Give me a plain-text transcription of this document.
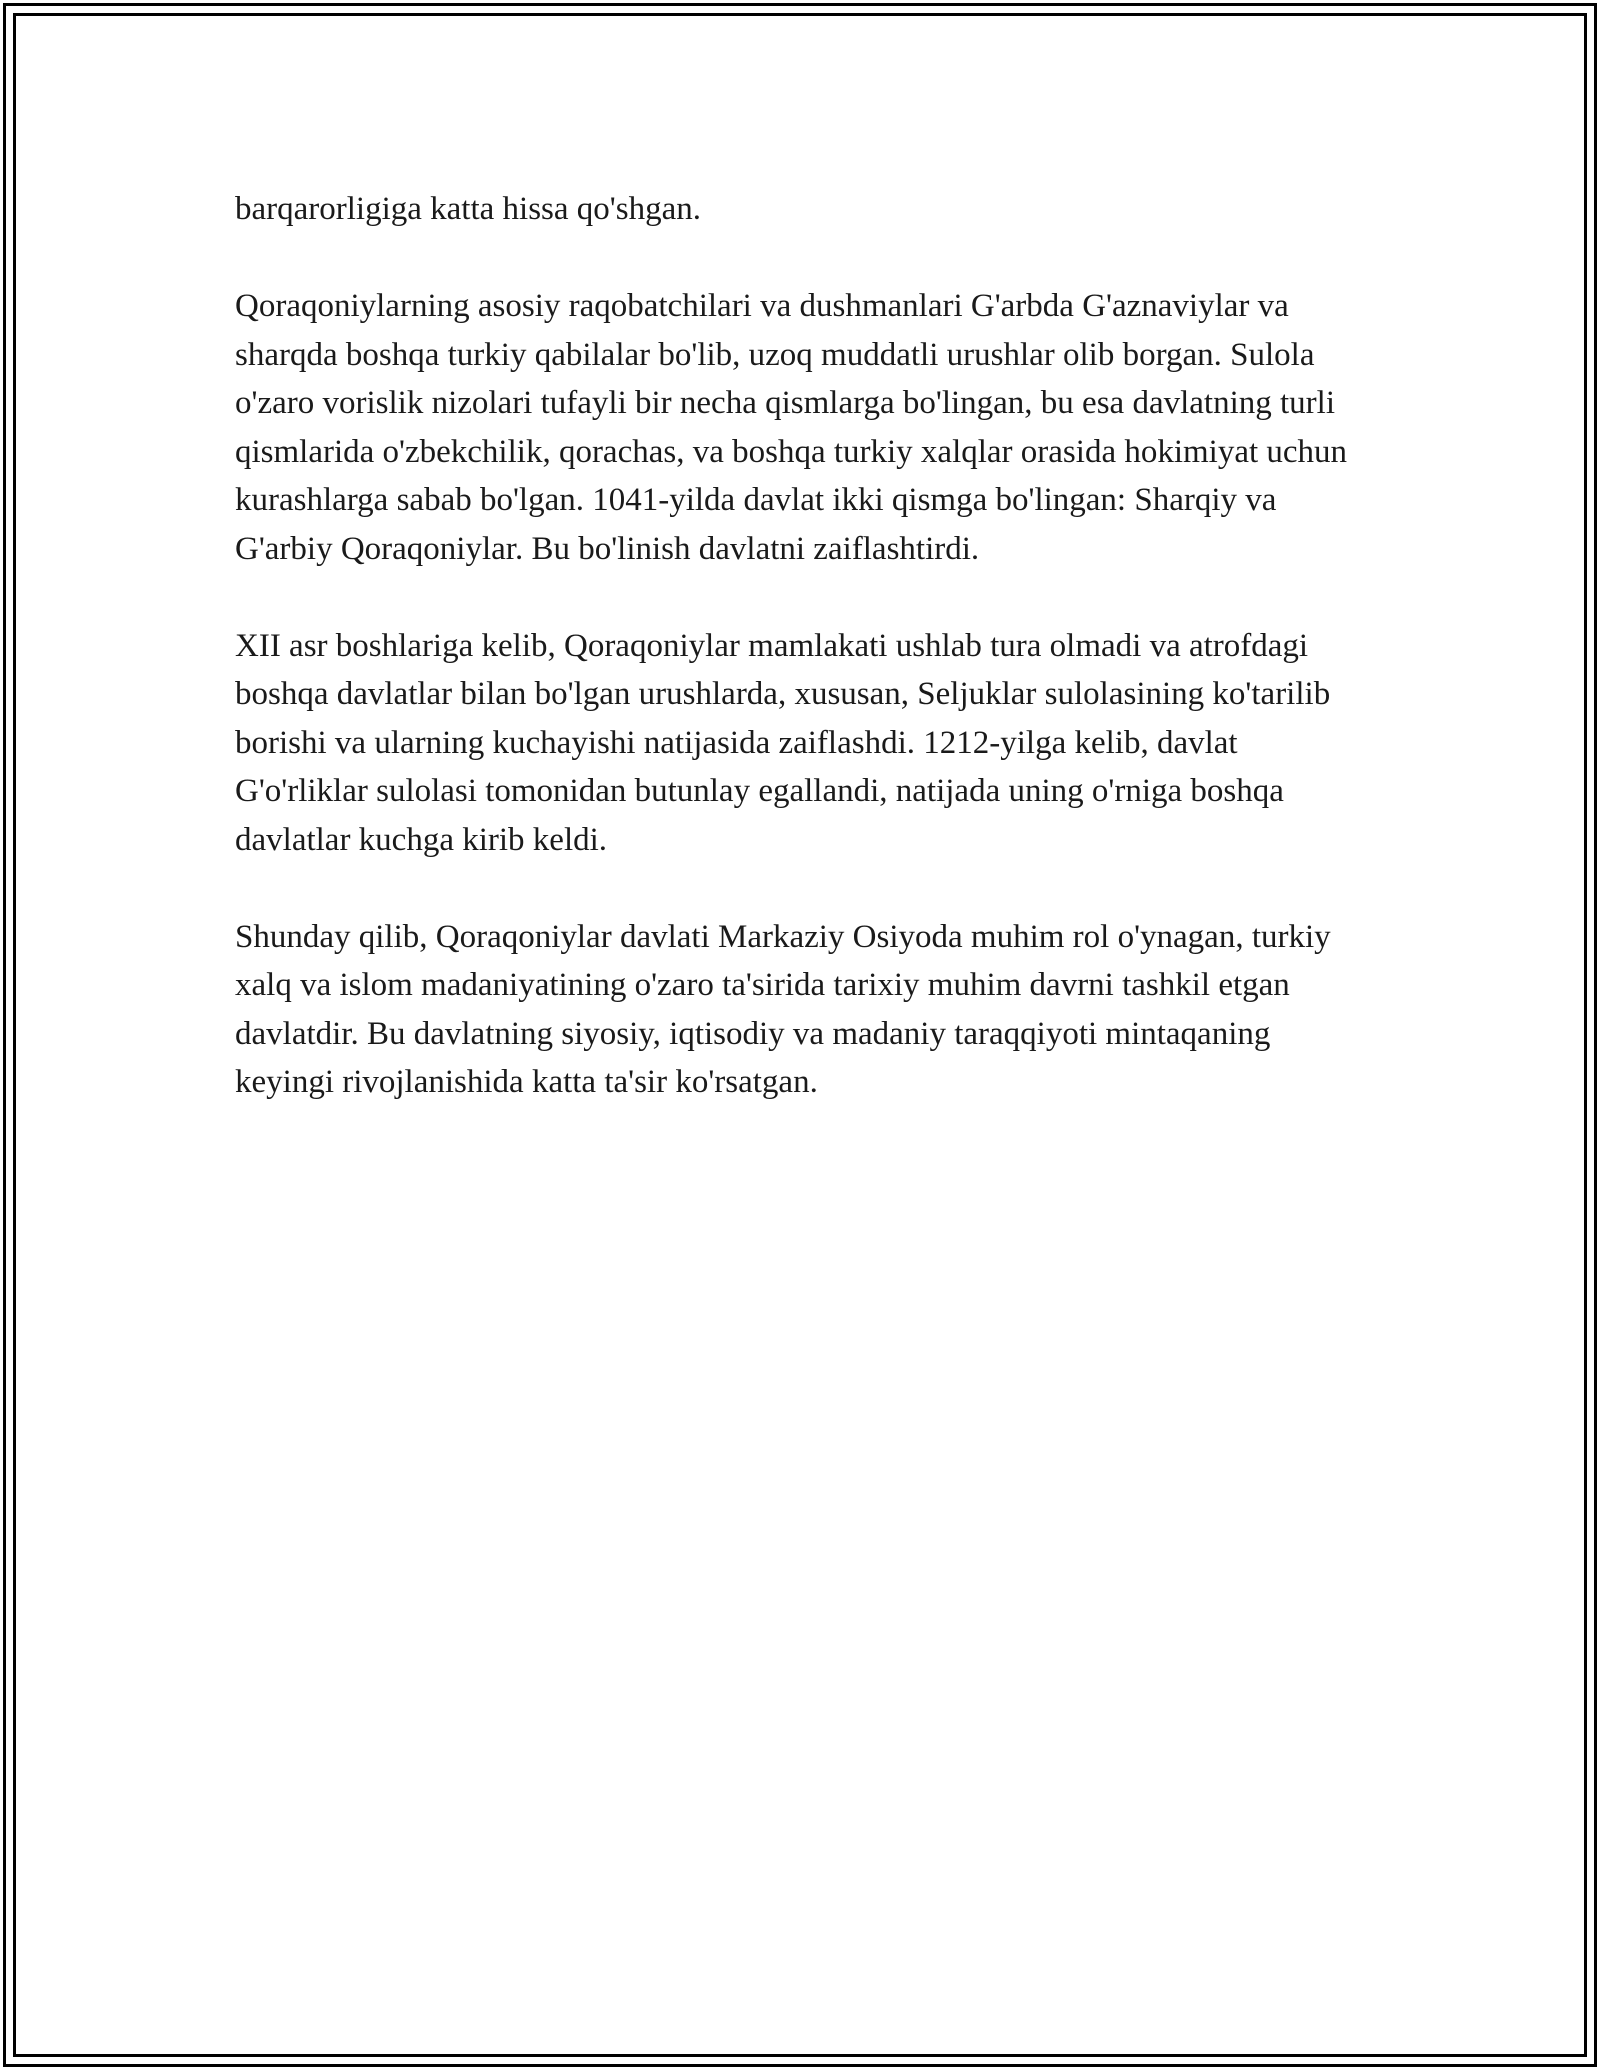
barqarorligiga katta hissa qo'shgan.

Qoraqoniylarning asosiy raqobatchilari va dushmanlari G'arbda G'aznaviylar va sharqda boshqa turkiy qabilalar bo'lib, uzoq muddatli urushlar olib borgan. Sulola o'zaro vorislik nizolari tufayli bir necha qismlarga bo'lingan, bu esa davlatning turli qismlarida o'zbekchilik, qorachas, va boshqa turkiy xalqlar orasida hokimiyat uchun kurashlarga sabab bo'lgan. 1041-yilda davlat ikki qismga bo'lingan: Sharqiy va G'arbiy Qoraqoniylar. Bu bo'linish davlatni zaiflashtirdi.

XII asr boshlariga kelib, Qoraqoniylar mamlakati ushlab tura olmadi va atrofdagi boshqa davlatlar bilan bo'lgan urushlarda, xususan, Seljuklar sulolasining ko'tarilib borishi va ularning kuchayishi natijasida zaiflashdi. 1212-yilga kelib, davlat G'o'rliklar sulolasi tomonidan butunlay egallandi, natijada uning o'rniga boshqa davlatlar kuchga kirib keldi.

Shunday qilib, Qoraqoniylar davlati Markaziy Osiyoda muhim rol o'ynagan, turkiy xalq va islom madaniyatining o'zaro ta'sirida tarixiy muhim davrni tashkil etgan davlatdir. Bu davlatning siyosiy, iqtisodiy va madaniy taraqqiyoti mintaqaning keyingi rivojlanishida katta ta'sir ko'rsatgan.
